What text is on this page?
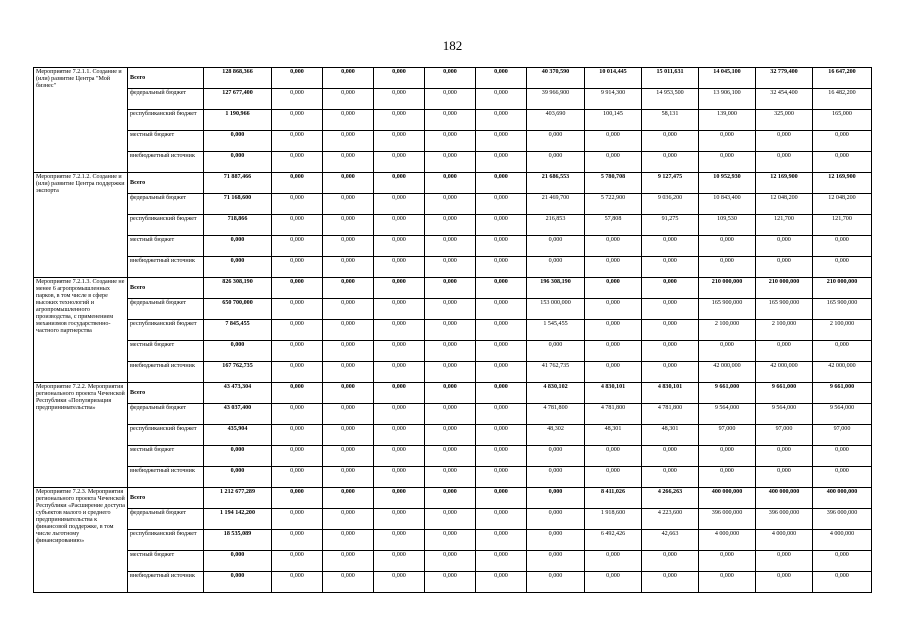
182
Мероприятие 7.2.1.1. Создание и (или) развитие Центра "Мой бизнес"	Всего	128 868,366	0,000	0,000	0,000	0,000	0,000	40 370,590	10 014,445	15 011,631	14 045,100	32 779,400	16 647,200
	федеральный бюджет	127 677,400	0,000	0,000	0,000	0,000	0,000	39 966,900	9 914,300	14 953,500	13 906,100	32 454,400	16 482,200
	республиканский бюджет	1 190,966	0,000	0,000	0,000	0,000	0,000	403,690	100,145	58,131	139,000	325,000	165,000
	местный бюджет	0,000	0,000	0,000	0,000	0,000	0,000	0,000	0,000	0,000	0,000	0,000	0,000
	внебюджетный источник	0,000	0,000	0,000	0,000	0,000	0,000	0,000	0,000	0,000	0,000	0,000	0,000
Мероприятие 7.2.1.2. Создание и (или) развитие Центра поддержки экспорта	Всего	71 887,466	0,000	0,000	0,000	0,000	0,000	21 686,553	5 780,708	9 127,475	10 952,930	12 169,900	12 169,900
	федеральный бюджет	71 168,600	0,000	0,000	0,000	0,000	0,000	21 469,700	5 722,900	9 036,200	10 843,400	12 048,200	12 048,200
	республиканский бюджет	718,866	0,000	0,000	0,000	0,000	0,000	216,853	57,808	91,275	109,530	121,700	121,700
	местный бюджет	0,000	0,000	0,000	0,000	0,000	0,000	0,000	0,000	0,000	0,000	0,000	0,000
	внебюджетный источник	0,000	0,000	0,000	0,000	0,000	0,000	0,000	0,000	0,000	0,000	0,000	0,000
Мероприятие 7.2.1.3. Создание не менее 6 агропромышленных парков, в том числе в сфере высоких технологий и агропромышленного производства, с применением механизмов государственно-частного партнерства	Всего	826 308,190	0,000	0,000	0,000	0,000	0,000	196 308,190	0,000	0,000	210 000,000	210 000,000	210 000,000
	федеральный бюджет	650 700,000	0,000	0,000	0,000	0,000	0,000	153 000,000	0,000	0,000	165 900,000	165 900,000	165 900,000
	республиканский бюджет	7 845,455	0,000	0,000	0,000	0,000	0,000	1 545,455	0,000	0,000	2 100,000	2 100,000	2 100,000
	местный бюджет	0,000	0,000	0,000	0,000	0,000	0,000	0,000	0,000	0,000	0,000	0,000	0,000
	внебюджетный источник	167 762,735	0,000	0,000	0,000	0,000	0,000	41 762,735	0,000	0,000	42 000,000	42 000,000	42 000,000
Мероприятие 7.2.2. Мероприятия регионального проекта Чеченской Республики «Популяризация предпринимательства»	Всего	43 473,304	0,000	0,000	0,000	0,000	0,000	4 830,102	4 830,101	4 830,101	9 661,000	9 661,000	9 661,000
	федеральный бюджет	43 037,400	0,000	0,000	0,000	0,000	0,000	4 781,800	4 781,800	4 781,800	9 564,000	9 564,000	9 564,000
	республиканский бюджет	435,904	0,000	0,000	0,000	0,000	0,000	48,302	48,301	48,301	97,000	97,000	97,000
	местный бюджет	0,000	0,000	0,000	0,000	0,000	0,000	0,000	0,000	0,000	0,000	0,000	0,000
	внебюджетный источник	0,000	0,000	0,000	0,000	0,000	0,000	0,000	0,000	0,000	0,000	0,000	0,000
Мероприятие 7.2.3. Мероприятия регионального проекта Чеченской Республики «Расширение доступа субъектов малого и среднего предпринимательства к финансовой поддержке, в том числе льготному финансированию»	Всего	1 212 677,289	0,000	0,000	0,000	0,000	0,000	0,000	8 411,026	4 266,263	400 000,000	400 000,000	400 000,000
	федеральный бюджет	1 194 142,200	0,000	0,000	0,000	0,000	0,000	0,000	1 918,600	4 223,600	396 000,000	396 000,000	396 000,000
	республиканский бюджет	18 535,089	0,000	0,000	0,000	0,000	0,000	0,000	6 492,426	42,663	4 000,000	4 000,000	4 000,000
	местный бюджет	0,000	0,000	0,000	0,000	0,000	0,000	0,000	0,000	0,000	0,000	0,000	0,000
	внебюджетный источник	0,000	0,000	0,000	0,000	0,000	0,000	0,000	0,000	0,000	0,000	0,000	0,000
